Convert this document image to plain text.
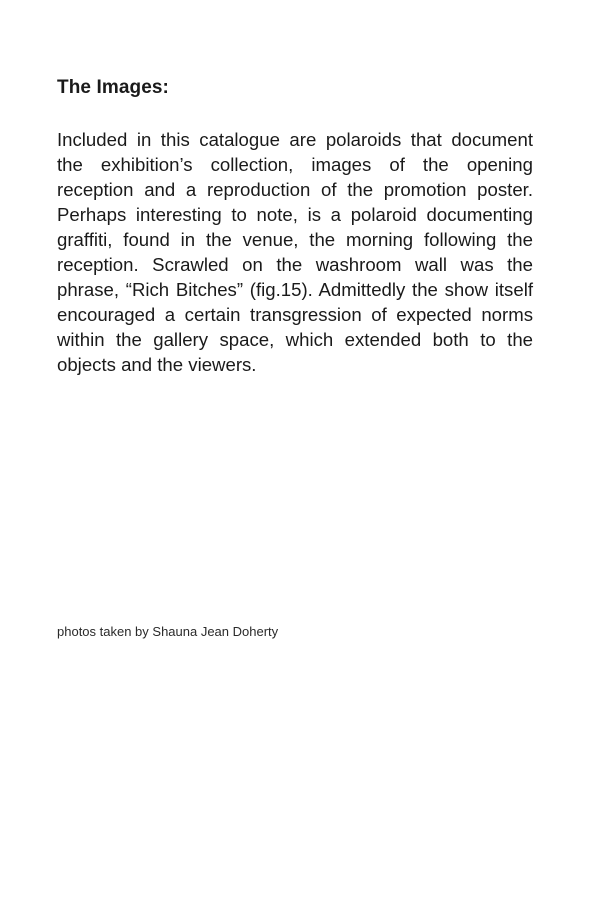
The Images:

Included in this catalogue are polaroids that document the exhibition’s collection, images of the opening reception and a reproduction of the promotion poster. Perhaps interesting to note, is a polaroid documenting graffiti, found in the venue, the morning following the reception. Scrawled on the washroom wall was the phrase, “Rich Bitches” (fig.15). Admittedly the show itself encouraged a certain transgression of expected norms within the gallery space, which extended both to the objects and the viewers.

photos taken by Shauna Jean Doherty
